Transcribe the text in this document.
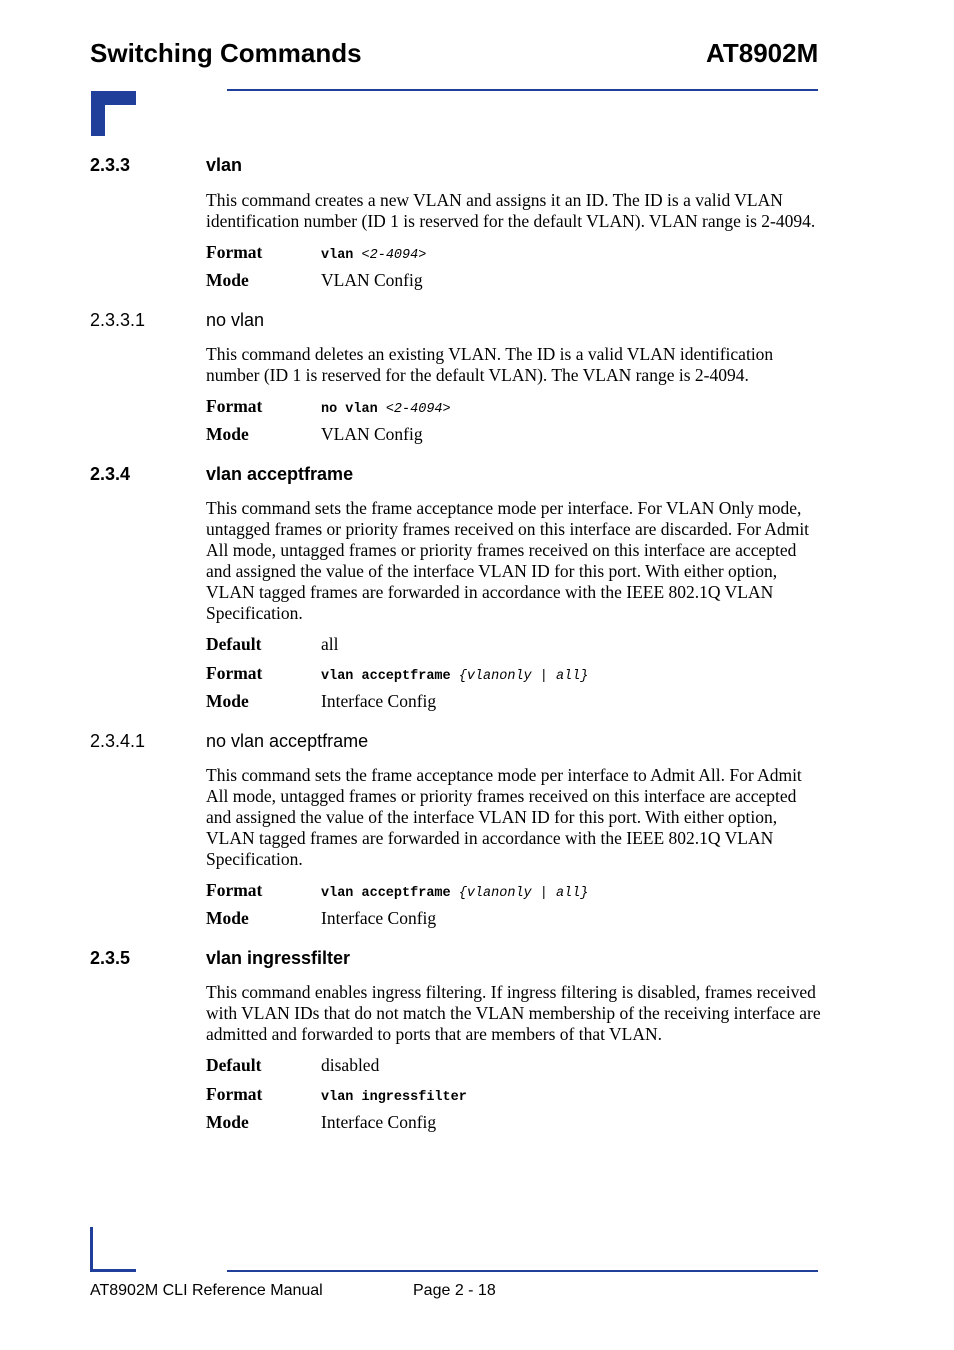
Switching Commands	AT8902M
2.3.3	vlan
This command creates a new VLAN and assigns it an ID. The ID is a valid VLAN identification number (ID 1 is reserved for the default VLAN). VLAN range is 2-4094.
Format	vlan <2-4094>
Mode	VLAN Config
2.3.3.1	no vlan
This command deletes an existing VLAN. The ID is a valid VLAN identification number (ID 1 is reserved for the default VLAN). The VLAN range is 2-4094.
Format	no vlan <2-4094>
Mode	VLAN Config
2.3.4	vlan acceptframe
This command sets the frame acceptance mode per interface. For VLAN Only mode, untagged frames or priority frames received on this interface are discarded. For Admit All mode, untagged frames or priority frames received on this interface are accepted and assigned the value of the interface VLAN ID for this port. With either option, VLAN tagged frames are forwarded in accordance with the IEEE 802.1Q VLAN Specification.
Default	all
Format	vlan acceptframe {vlanonly | all}
Mode	Interface Config
2.3.4.1	no vlan acceptframe
This command sets the frame acceptance mode per interface to Admit All. For Admit All mode, untagged frames or priority frames received on this interface are accepted and assigned the value of the interface VLAN ID for this port. With either option, VLAN tagged frames are forwarded in accordance with the IEEE 802.1Q VLAN Specification.
Format	vlan acceptframe {vlanonly | all}
Mode	Interface Config
2.3.5	vlan ingressfilter
This command enables ingress filtering. If ingress filtering is disabled, frames received with VLAN IDs that do not match the VLAN membership of the receiving interface are admitted and forwarded to ports that are members of that VLAN.
Default	disabled
Format	vlan ingressfilter
Mode	Interface Config
AT8902M CLI Reference Manual	Page 2 - 18
